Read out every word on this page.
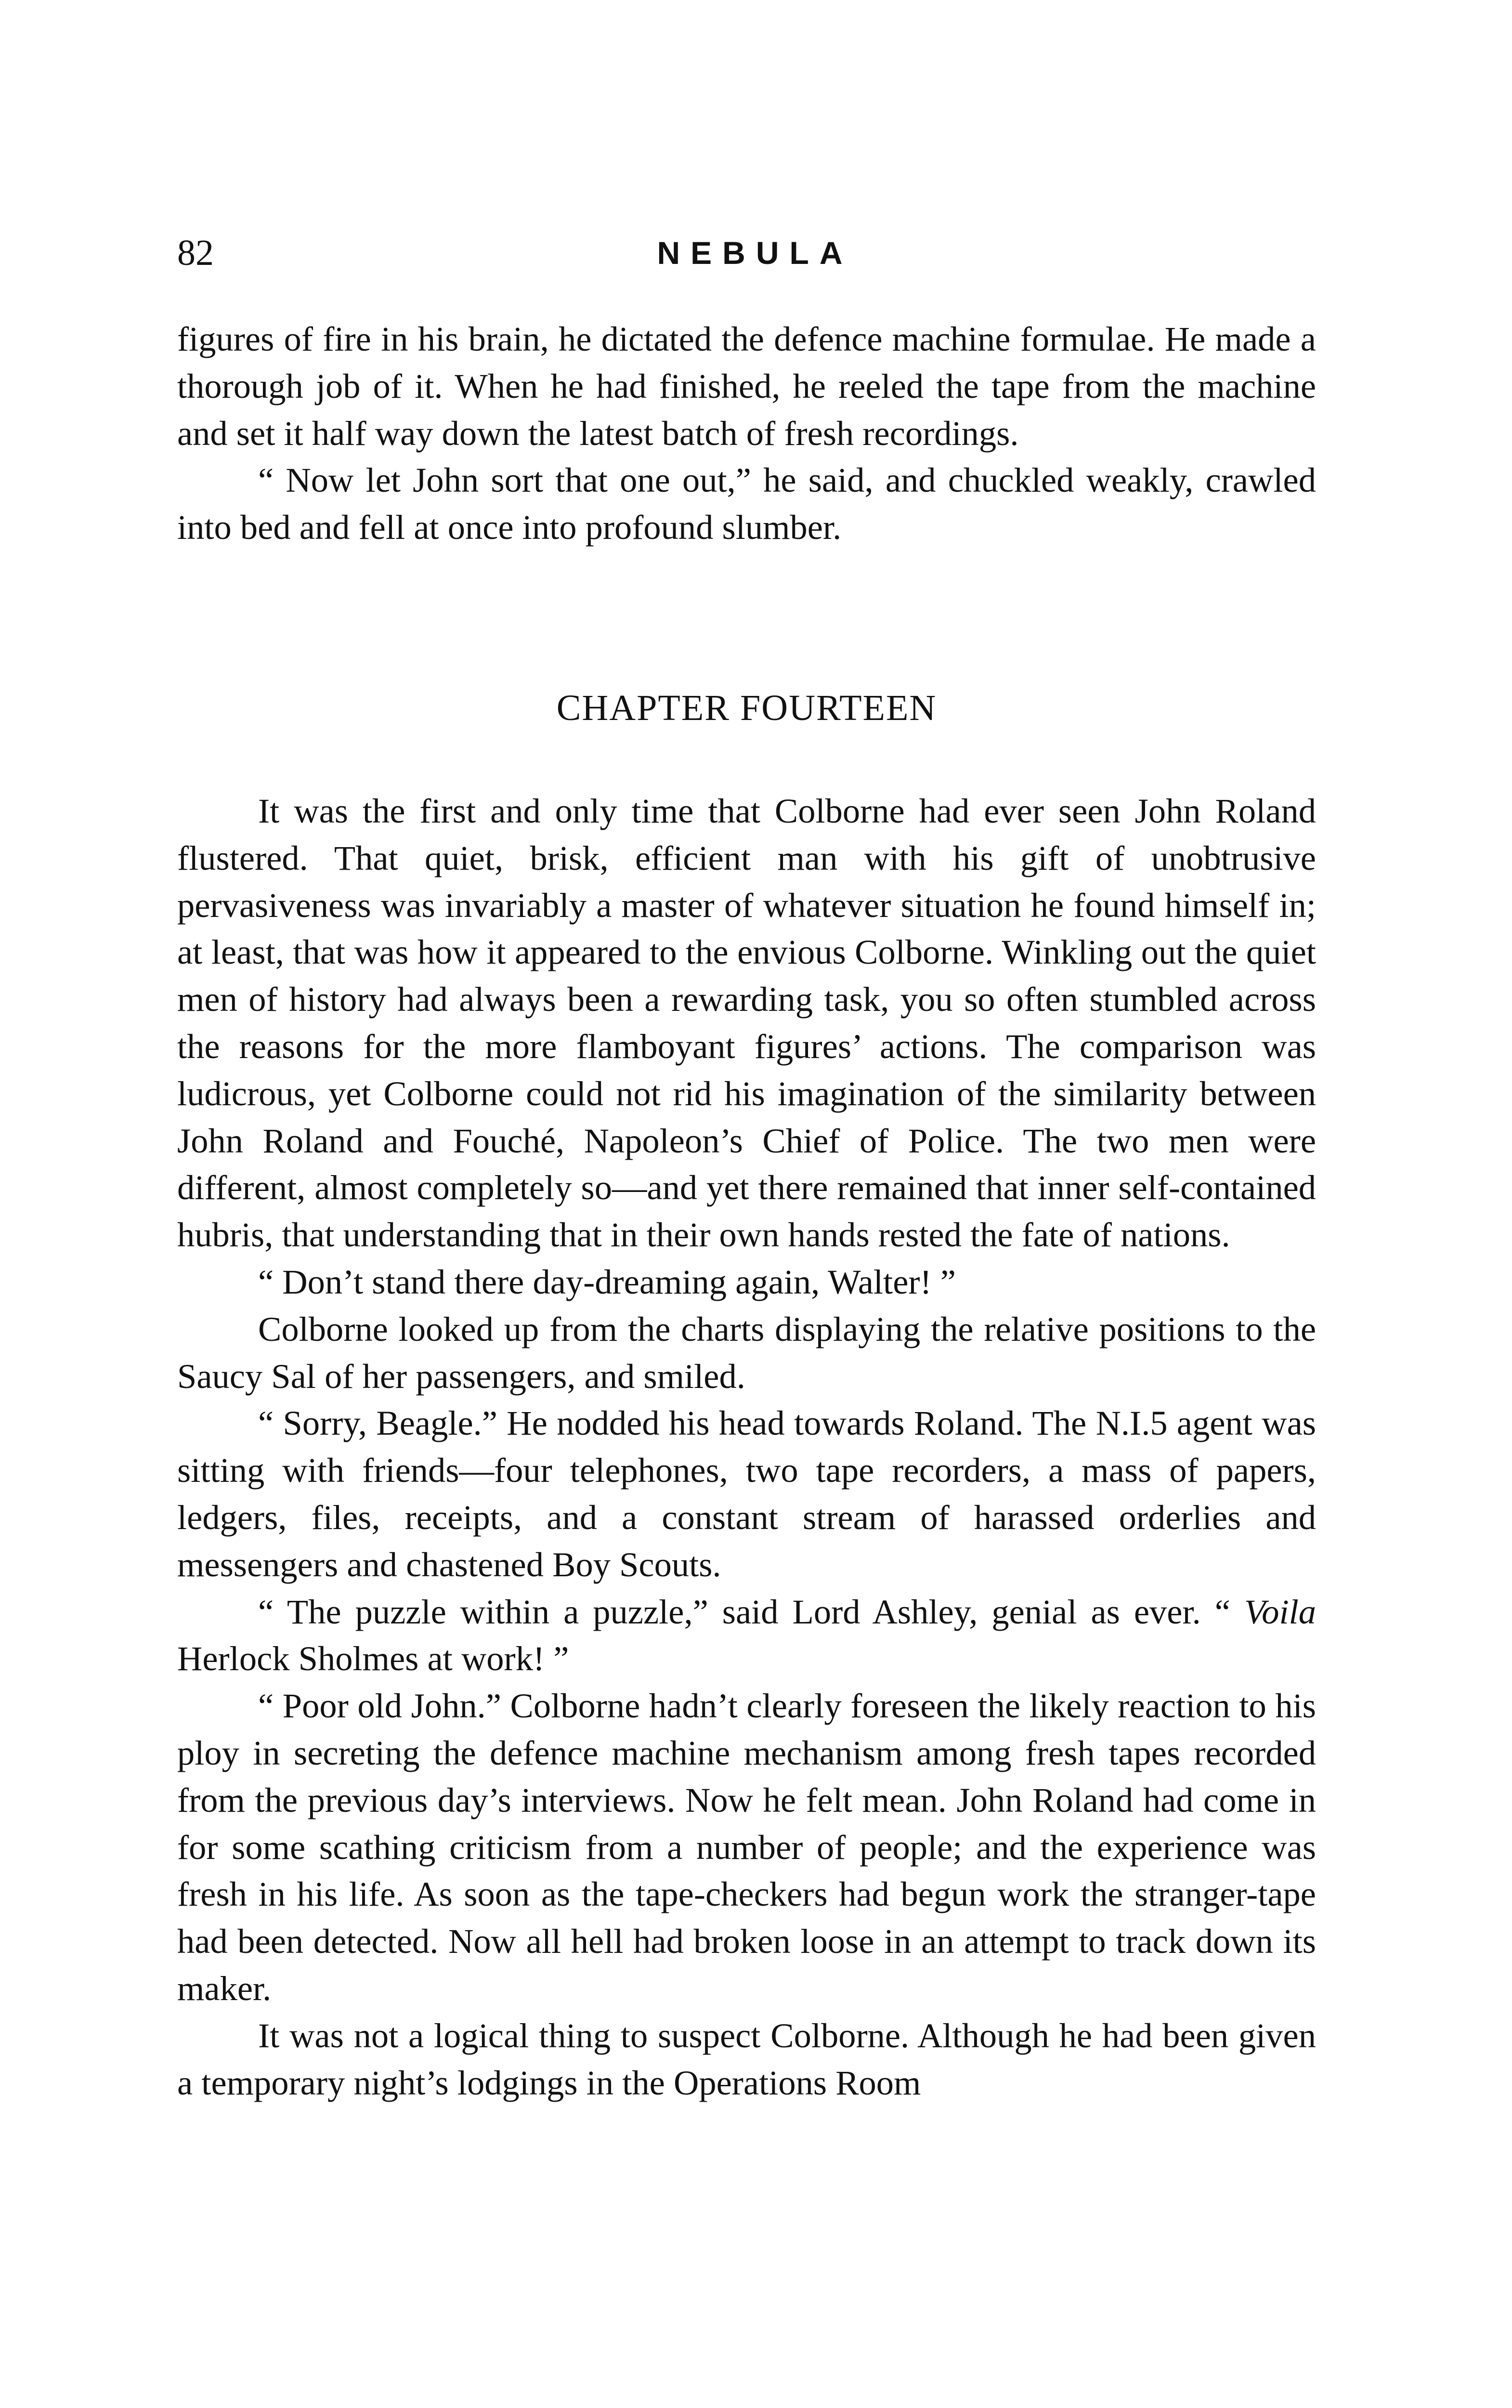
82	NEBULA

figures of fire in his brain, he dictated the defence machine formulae. He made a thorough job of it. When he had finished, he reeled the tape from the machine and set it half way down the latest batch of fresh recordings.

“ Now let John sort that one out,” he said, and chuckled weakly, crawled into bed and fell at once into profound slumber.

CHAPTER FOURTEEN

It was the first and only time that Colborne had ever seen John Roland flustered. That quiet, brisk, efficient man with his gift of unobtrusive pervasiveness was invariably a master of whatever situation he found himself in; at least, that was how it appeared to the envious Colborne. Winkling out the quiet men of history had always been a rewarding task, you so often stumbled across the reasons for the more flamboyant figures’ actions. The comparison was ludicrous, yet Colborne could not rid his imagination of the similarity between John Roland and Fouché, Napoleon’s Chief of Police. The two men were different, almost completely so—and yet there remained that inner self-contained hubris, that understanding that in their own hands rested the fate of nations.

“ Don’t stand there day-dreaming again, Walter! ”

Colborne looked up from the charts displaying the relative positions to the Saucy Sal of her passengers, and smiled.

“ Sorry, Beagle.” He nodded his head towards Roland. The N.I.5 agent was sitting with friends—four telephones, two tape recorders, a mass of papers, ledgers, files, receipts, and a constant stream of harassed orderlies and messengers and chastened Boy Scouts.

“ The puzzle within a puzzle,” said Lord Ashley, genial as ever. “ Voila Herlock Sholmes at work! ”

“ Poor old John.” Colborne hadn’t clearly foreseen the likely reaction to his ploy in secreting the defence machine mechanism among fresh tapes recorded from the previous day’s interviews. Now he felt mean. John Roland had come in for some scathing criticism from a number of people; and the experience was fresh in his life. As soon as the tape-checkers had begun work the stranger-tape had been detected. Now all hell had broken loose in an attempt to track down its maker.

It was not a logical thing to suspect Colborne. Although he had been given a temporary night’s lodgings in the Operations Room
